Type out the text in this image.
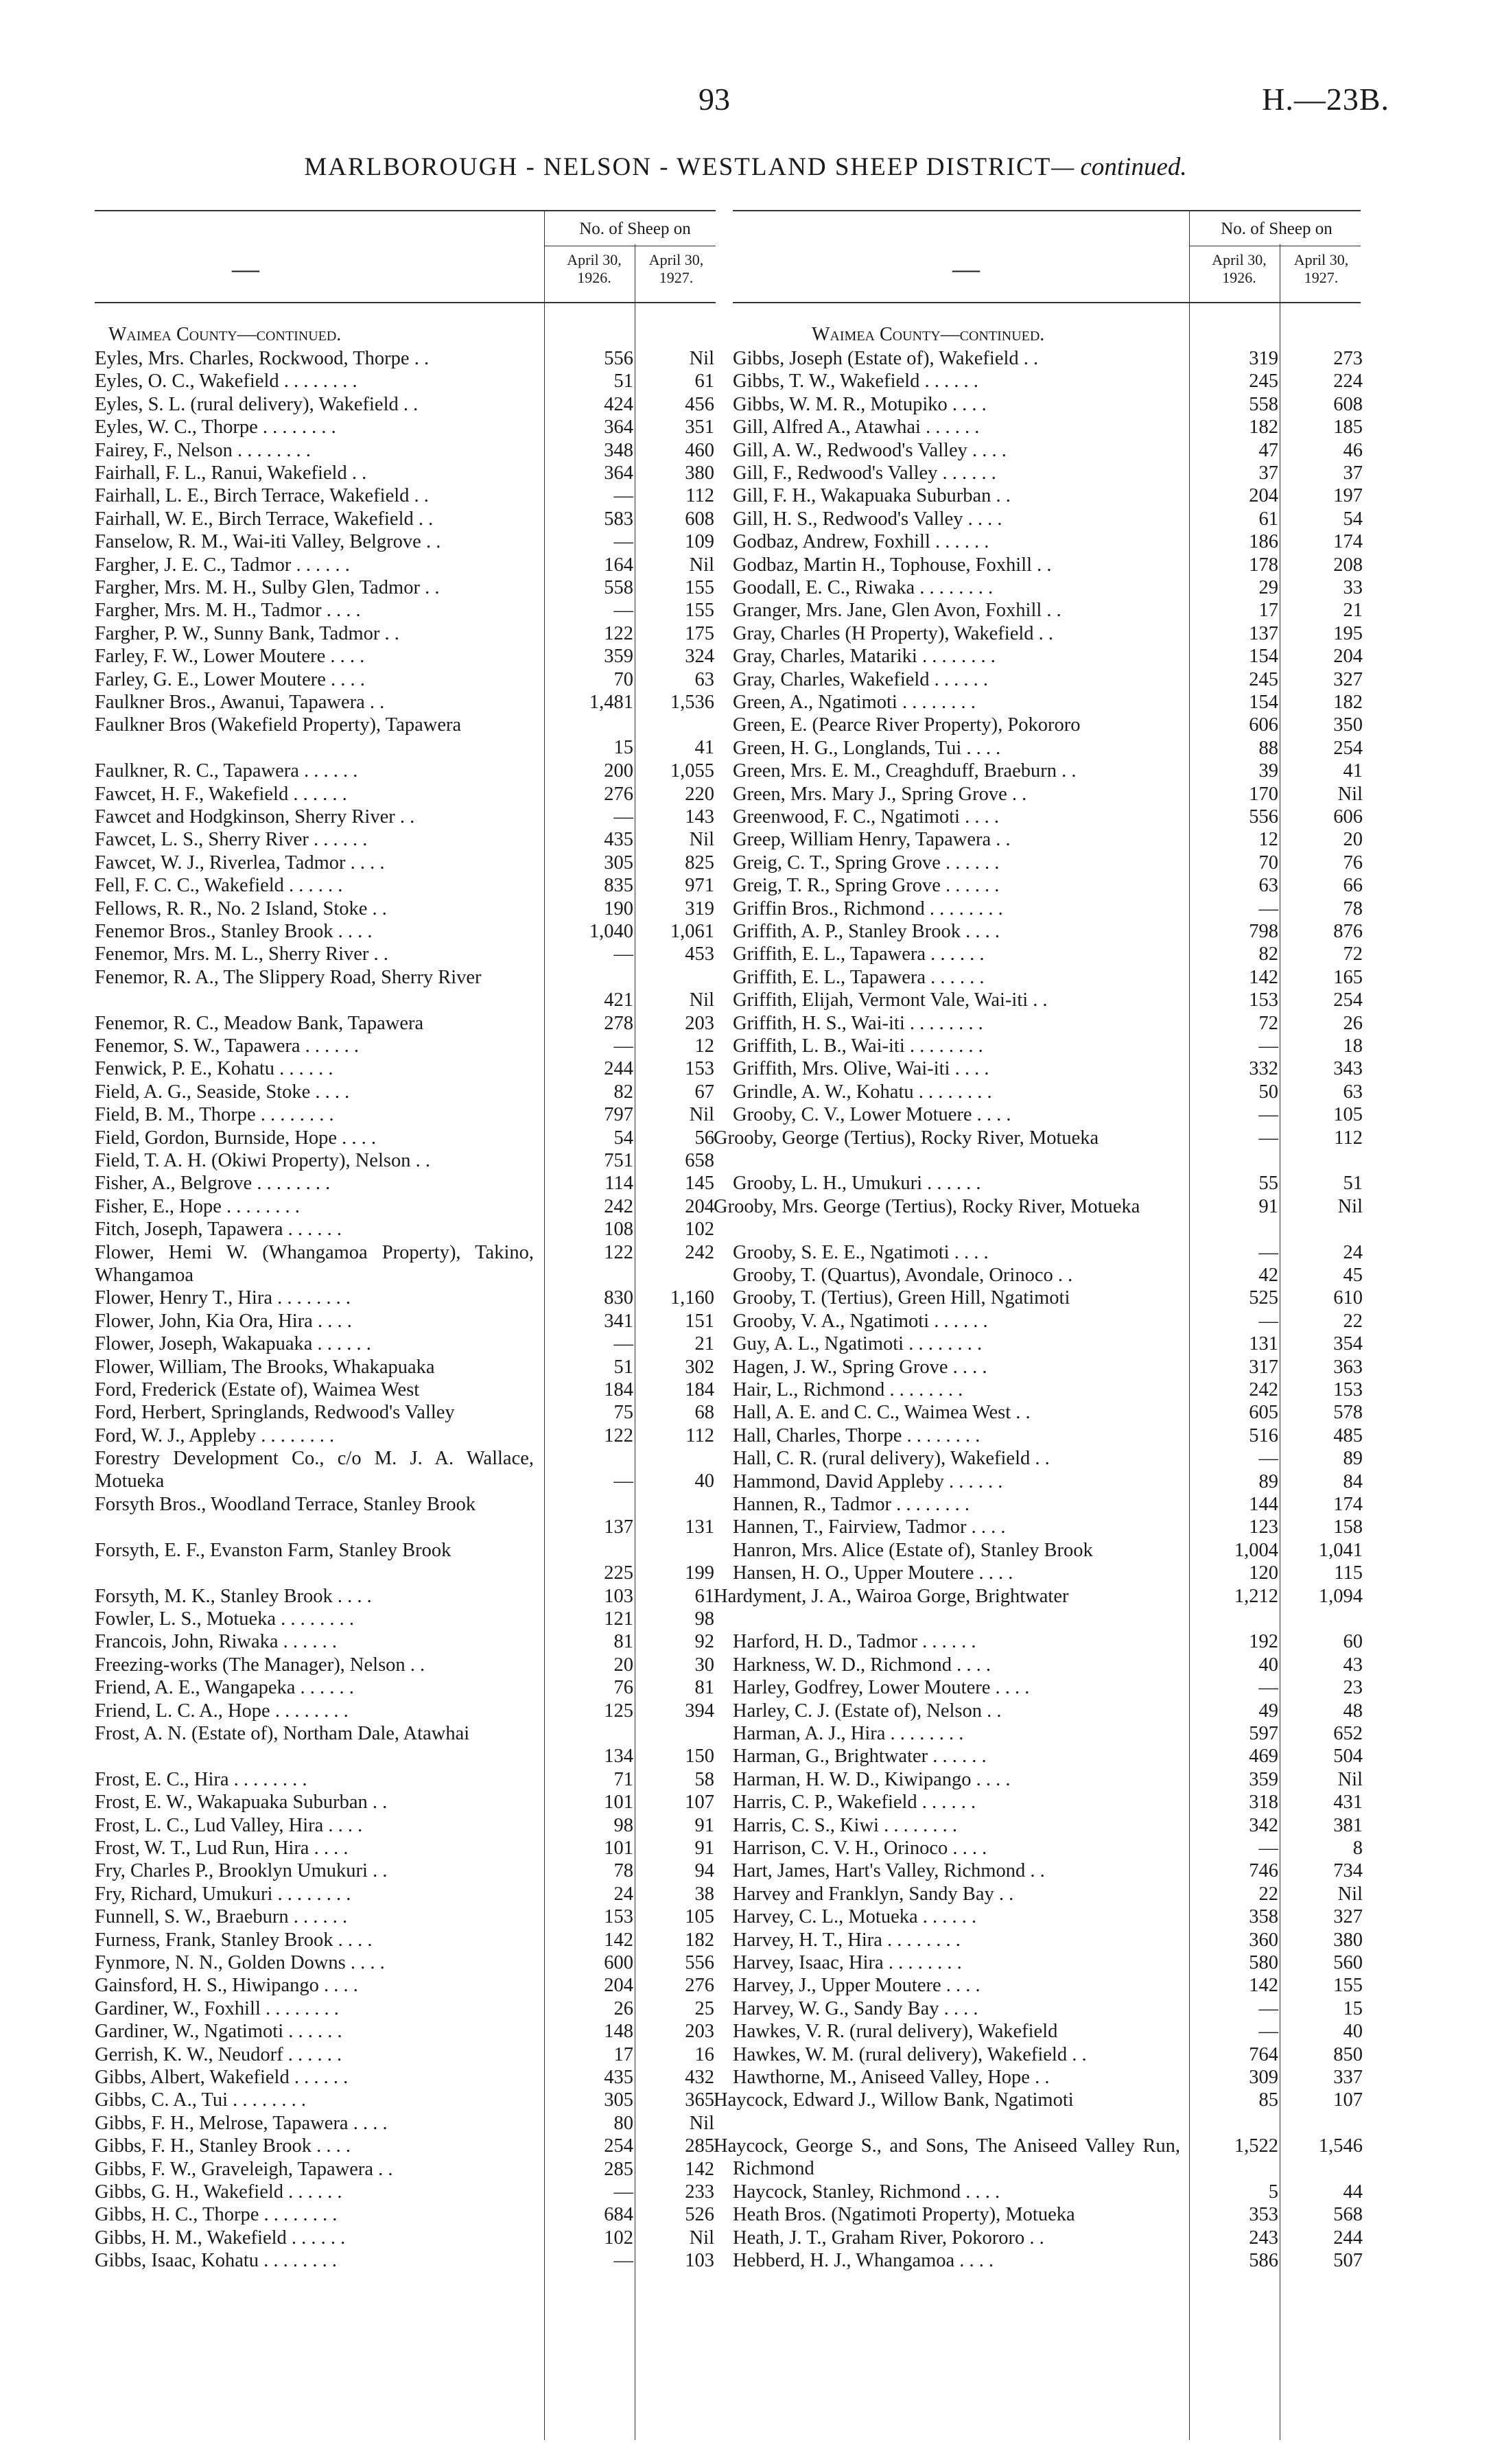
93	H.—23B.
MARLBOROUGH - NELSON - WESTLAND SHEEP DISTRICT— continued.
—
No. of Sheep on
April 30, 1926.
April 30, 1927.
Waimea County—continued.
Eyles, Mrs. Charles, Rockwood, Thorpe . .	556	Nil
Eyles, O. C., Wakefield . . . . . . . .	51	61
Eyles, S. L. (rural delivery), Wakefield . .	424	456
Eyles, W. C., Thorpe . . . . . . . .	364	351
Fairey, F., Nelson . . . . . . . .	348	460
Fairhall, F. L., Ranui, Wakefield . .	364	380
Fairhall, L. E., Birch Terrace, Wakefield . .	—	112
Fairhall, W. E., Birch Terrace, Wakefield . .	583	608
Fanselow, R. M., Wai-iti Valley, Belgrove . .	—	109
Fargher, J. E. C., Tadmor . . . . . .	164	Nil
Fargher, Mrs. M. H., Sulby Glen, Tadmor . .	558	155
Fargher, Mrs. M. H., Tadmor . . . .	—	155
Fargher, P. W., Sunny Bank, Tadmor . .	122	175
Farley, F. W., Lower Moutere . . . .	359	324
Farley, G. E., Lower Moutere . . . .	70	63
Faulkner Bros., Awanui, Tapawera . .	1,481	1,536
Faulkner Bros (Wakefield Property), Tapawera
15	41
Faulkner, R. C., Tapawera . . . . . .	200	1,055
Fawcet, H. F., Wakefield . . . . . .	276	220
Fawcet and Hodgkinson, Sherry River . .	—	143
Fawcet, L. S., Sherry River . . . . . .	435	Nil
Fawcet, W. J., Riverlea, Tadmor . . . .	305	825
Fell, F. C. C., Wakefield . . . . . .	835	971
Fellows, R. R., No. 2 Island, Stoke . .	190	319
Fenemor Bros., Stanley Brook . . . .	1,040	1,061
Fenemor, Mrs. M. L., Sherry River . .	—	453
Fenemor, R. A., The Slippery Road, Sherry River
421	Nil
Fenemor, R. C., Meadow Bank, Tapawera	278	203
Fenemor, S. W., Tapawera . . . . . .	—	12
Fenwick, P. E., Kohatu . . . . . .	244	153
Field, A. G., Seaside, Stoke . . . .	82	67
Field, B. M., Thorpe . . . . . . . .	797	Nil
Field, Gordon, Burnside, Hope . . . .	54	56
Field, T. A. H. (Okiwi Property), Nelson . .	751	658
Fisher, A., Belgrove . . . . . . . .	114	145
Fisher, E., Hope . . . . . . . .	242	204
Fitch, Joseph, Tapawera . . . . . .	108	102
Flower, Hemi W. (Whangamoa Property), Takino, Whangamoa
122	242
Flower, Henry T., Hira . . . . . . . .	830	1,160
Flower, John, Kia Ora, Hira . . . .	341	151
Flower, Joseph, Wakapuaka . . . . . .	—	21
Flower, William, The Brooks, Whakapuaka	51	302
Ford, Frederick (Estate of), Waimea West	184	184
Ford, Herbert, Springlands, Redwood's Valley	75	68
Ford, W. J., Appleby . . . . . . . .	122	112
Forestry Development Co., c/o M. J. A. Wallace, Motueka	—	40
Forsyth Bros., Woodland Terrace, Stanley Brook
137	131
Forsyth, E. F., Evanston Farm, Stanley Brook
225	199
Forsyth, M. K., Stanley Brook . . . .	103	61
Fowler, L. S., Motueka . . . . . . . .	121	98
Francois, John, Riwaka . . . . . .	81	92
Freezing-works (The Manager), Nelson . .	20	30
Friend, A. E., Wangapeka . . . . . .	76	81
Friend, L. C. A., Hope . . . . . . . .	125	394
Frost, A. N. (Estate of), Northam Dale, Atawhai
134	150
Frost, E. C., Hira . . . . . . . .	71	58
Frost, E. W., Wakapuaka Suburban . .	101	107
Frost, L. C., Lud Valley, Hira . . . .	98	91
Frost, W. T., Lud Run, Hira . . . .	101	91
Fry, Charles P., Brooklyn Umukuri . .	78	94
Fry, Richard, Umukuri . . . . . . . .	24	38
Funnell, S. W., Braeburn . . . . . .	153	105
Furness, Frank, Stanley Brook . . . .	142	182
Fynmore, N. N., Golden Downs . . . .	600	556
Gainsford, H. S., Hiwipango . . . .	204	276
Gardiner, W., Foxhill . . . . . . . .	26	25
Gardiner, W., Ngatimoti . . . . . .	148	203
Gerrish, K. W., Neudorf . . . . . .	17	16
Gibbs, Albert, Wakefield . . . . . .	435	432
Gibbs, C. A., Tui . . . . . . . .	305	365
Gibbs, F. H., Melrose, Tapawera . . . .	80	Nil
Gibbs, F. H., Stanley Brook . . . .	254	285
Gibbs, F. W., Graveleigh, Tapawera . .	285	142
Gibbs, G. H., Wakefield . . . . . .	—	233
Gibbs, H. C., Thorpe . . . . . . . .	684	526
Gibbs, H. M., Wakefield . . . . . .	102	Nil
Gibbs, Isaac, Kohatu . . . . . . . .	—	103
—
No. of Sheep on
April 30, 1926.
April 30, 1927.
Waimea County—continued.
Gibbs, Joseph (Estate of), Wakefield . .	319	273
Gibbs, T. W., Wakefield . . . . . .	245	224
Gibbs, W. M. R., Motupiko . . . .	558	608
Gill, Alfred A., Atawhai . . . . . .	182	185
Gill, A. W., Redwood's Valley . . . .	47	46
Gill, F., Redwood's Valley . . . . . .	37	37
Gill, F. H., Wakapuaka Suburban . .	204	197
Gill, H. S., Redwood's Valley . . . .	61	54
Godbaz, Andrew, Foxhill . . . . . .	186	174
Godbaz, Martin H., Tophouse, Foxhill . .	178	208
Goodall, E. C., Riwaka . . . . . . . .	29	33
Granger, Mrs. Jane, Glen Avon, Foxhill . .	17	21
Gray, Charles (H Property), Wakefield . .	137	195
Gray, Charles, Matariki . . . . . . . .	154	204
Gray, Charles, Wakefield . . . . . .	245	327
Green, A., Ngatimoti . . . . . . . .	154	182
Green, E. (Pearce River Property), Pokororo	606	350
Green, H. G., Longlands, Tui . . . .	88	254
Green, Mrs. E. M., Creaghduff, Braeburn . .	39	41
Green, Mrs. Mary J., Spring Grove . .	170	Nil
Greenwood, F. C., Ngatimoti . . . .	556	606
Greep, William Henry, Tapawera . .	12	20
Greig, C. T., Spring Grove . . . . . .	70	76
Greig, T. R., Spring Grove . . . . . .	63	66
Griffin Bros., Richmond . . . . . . . .	—	78
Griffith, A. P., Stanley Brook . . . .	798	876
Griffith, E. L., Tapawera . . . . . .	82	72
Griffith, E. L., Tapawera . . . . . .	142	165
Griffith, Elijah, Vermont Vale, Wai-iti . .	153	254
Griffith, H. S., Wai-iti . . . . . . . .	72	26
Griffith, L. B., Wai-iti . . . . . . . .	—	18
Griffith, Mrs. Olive, Wai-iti . . . .	332	343
Grindle, A. W., Kohatu . . . . . . . .	50	63
Grooby, C. V., Lower Motuere . . . .	—	105
Grooby, George (Tertius), Rocky River, Motueka	—	112
Grooby, L. H., Umukuri . . . . . .	55	51
Grooby, Mrs. George (Tertius), Rocky River, Motueka	91	Nil
Grooby, S. E. E., Ngatimoti . . . .	—	24
Grooby, T. (Quartus), Avondale, Orinoco . .	42	45
Grooby, T. (Tertius), Green Hill, Ngatimoti	525	610
Grooby, V. A., Ngatimoti . . . . . .	—	22
Guy, A. L., Ngatimoti . . . . . . . .	131	354
Hagen, J. W., Spring Grove . . . .	317	363
Hair, L., Richmond . . . . . . . .	242	153
Hall, A. E. and C. C., Waimea West . .	605	578
Hall, Charles, Thorpe . . . . . . . .	516	485
Hall, C. R. (rural delivery), Wakefield . .	—	89
Hammond, David Appleby . . . . . .	89	84
Hannen, R., Tadmor . . . . . . . .	144	174
Hannen, T., Fairview, Tadmor . . . .	123	158
Hanron, Mrs. Alice (Estate of), Stanley Brook	1,004	1,041
Hansen, H. O., Upper Moutere . . . .	120	115
Hardyment, J. A., Wairoa Gorge, Brightwater	1,212	1,094
Harford, H. D., Tadmor . . . . . .	192	60
Harkness, W. D., Richmond . . . .	40	43
Harley, Godfrey, Lower Moutere . . . .	—	23
Harley, C. J. (Estate of), Nelson . .	49	48
Harman, A. J., Hira . . . . . . . .	597	652
Harman, G., Brightwater . . . . . .	469	504
Harman, H. W. D., Kiwipango . . . .	359	Nil
Harris, C. P., Wakefield . . . . . .	318	431
Harris, C. S., Kiwi . . . . . . . .	342	381
Harrison, C. V. H., Orinoco . . . .	—	8
Hart, James, Hart's Valley, Richmond . .	746	734
Harvey and Franklyn, Sandy Bay . .	22	Nil
Harvey, C. L., Motueka . . . . . .	358	327
Harvey, H. T., Hira . . . . . . . .	360	380
Harvey, Isaac, Hira . . . . . . . .	580	560
Harvey, J., Upper Moutere . . . .	142	155
Harvey, W. G., Sandy Bay . . . .	—	15
Hawkes, V. R. (rural delivery), Wakefield	—	40
Hawkes, W. M. (rural delivery), Wakefield . .	764	850
Hawthorne, M., Aniseed Valley, Hope . .	309	337
Haycock, Edward J., Willow Bank, Ngatimoti	85	107
Haycock, George S., and Sons, The Aniseed Valley Run, Richmond
1,522	1,546
Haycock, Stanley, Richmond . . . .	5	44
Heath Bros. (Ngatimoti Property), Motueka	353	568
Heath, J. T., Graham River, Pokororo . .	243	244
Hebberd, H. J., Whangamoa . . . .	586	507
